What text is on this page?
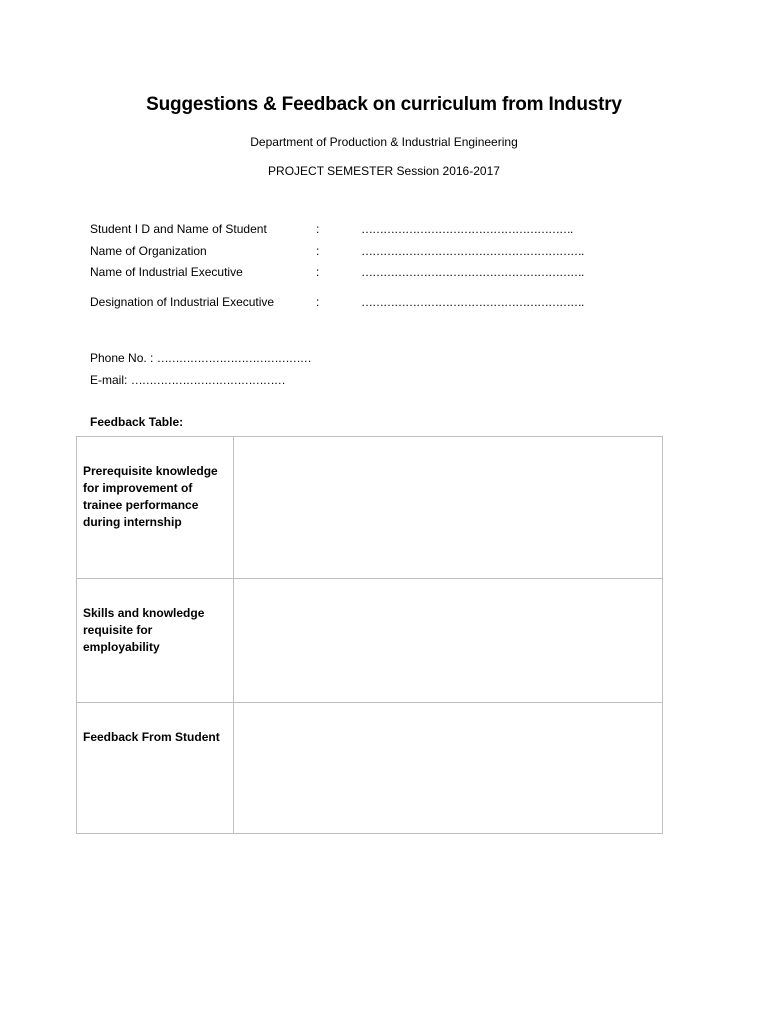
Suggestions & Feedback on curriculum from Industry
Department of Production & Industrial Engineering
PROJECT SEMESTER Session 2016-2017
Student I D and Name of Student	:	………………………………………………….
Name of Organization	:	…………………………………………………….
Name of Industrial Executive	:	…………………………………………………….
Designation of Industrial Executive	:	…………………………………………………….
Phone No. : ……………………………………
E-mail: ……………………………………
Feedback Table:
Prerequisite knowledge for improvement of trainee performance during internship	
Skills and knowledge requisite for employability	
Feedback From Student	
